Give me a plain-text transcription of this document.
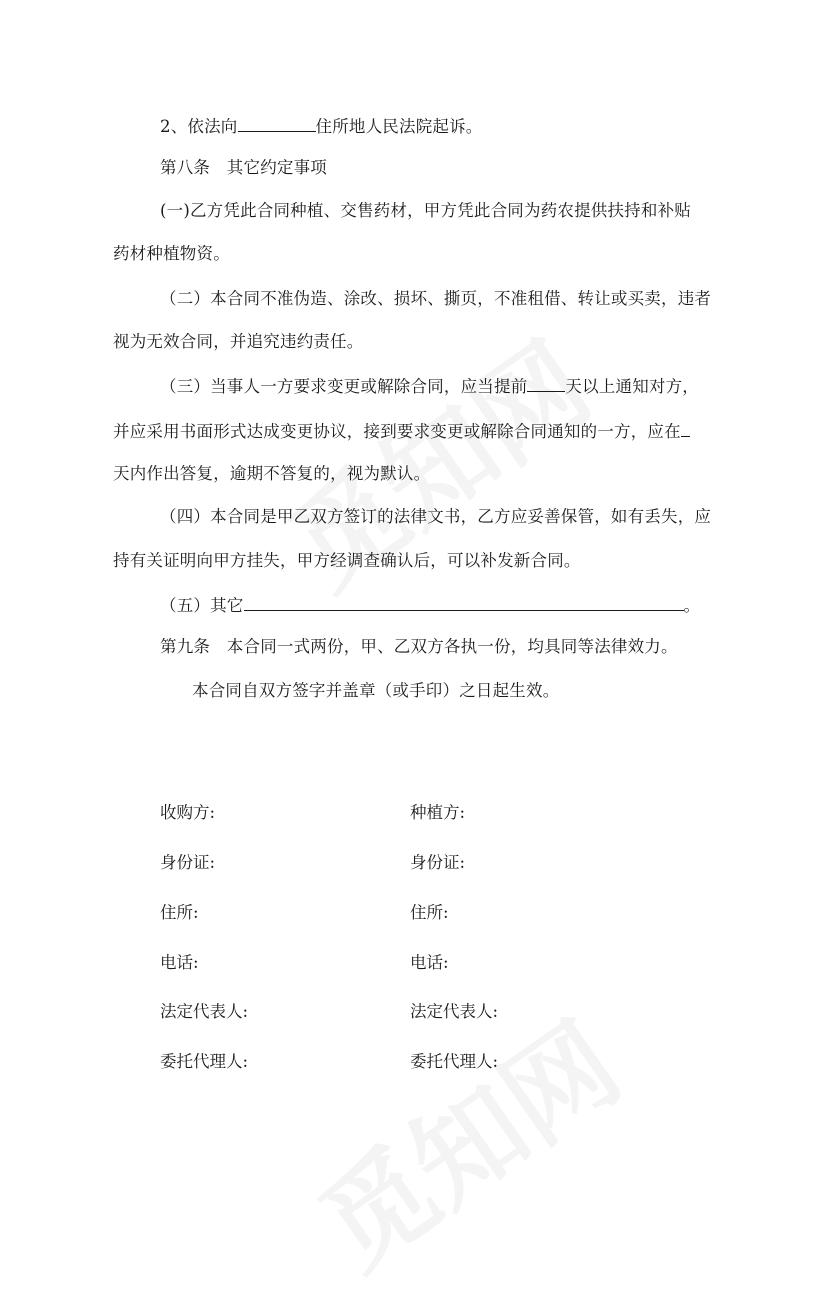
2、依法向	住所地人民法院起诉。
第八条　其它约定事项
(一)乙方凭此合同种植、交售药材，甲方凭此合同为药农提供扶持和补贴
药材种植物资。
（二）本合同不准伪造、涂改、损坏、撕页，不准租借、转让或买卖，违者
视为无效合同，并追究违约责任。
（三）当事人一方要求变更或解除合同，应当提前 天以上通知对方，
并应采用书面形式达成变更协议，接到要求变更或解除合同通知的一方，应在
天内作出答复，逾期不答复的，视为默认。
（四）本合同是甲乙双方签订的法律文书，乙方应妥善保管，如有丢失，应
持有关证明向甲方挂失，甲方经调查确认后，可以补发新合同。
（五）其它	。
第九条　本合同一式两份，甲、乙双方各执一份，均具同等法律效力。
本合同自双方签字并盖章（或手印）之日起生效。
收购方:
身份证:
住所:
电话:
法定代表人:
委托代理人:
种植方:
身份证:
住所:
电话:
法定代表人:
委托代理人:
